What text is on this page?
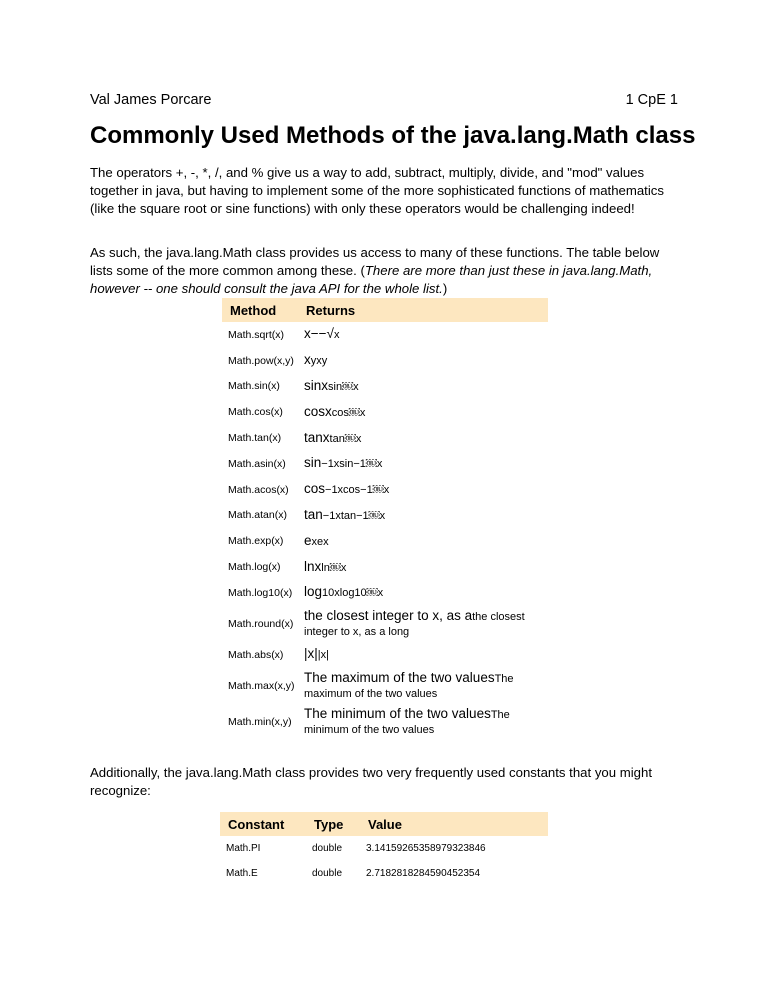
Val James Porcare	1 CpE 1
Commonly Used Methods of the java.lang.Math class

The operators +, -, *, /, and % give us a way to add, subtract, multiply, divide, and "mod" values together in java, but having to implement some of the more sophisticated functions of mathematics (like the square root or sine functions) with only these operators would be challenging indeed!

As such, the java.lang.Math class provides us access to many of these functions. The table below lists some of the more common among these. (There are more than just these in java.lang.Math, however -- one should consult the java API for the whole list.)

Method	Returns
Math.sqrt(x)	x−−√x
Math.pow(x,y)	xyxy
Math.sin(x)	sinxsin￼x
Math.cos(x)	cosxcos￼x
Math.tan(x)	tanxtan￼x
Math.asin(x)	sin−1xsin−1￼x
Math.acos(x)	cos−1xcos−1￼x
Math.atan(x)	tan−1xtan−1￼x
Math.exp(x)	exex
Math.log(x)	lnxln￼x
Math.log10(x)	log10xlog10￼x
Math.round(x)	the closest integer to x, as athe closest integer to x, as a long
Math.abs(x)	|x||x|
Math.max(x,y)	The maximum of the two valuesThe maximum of the two values
Math.min(x,y)	The minimum of the two valuesThe minimum of the two values

Additionally, the java.lang.Math class provides two very frequently used constants that you might recognize:

Constant	Type	Value
Math.PI	double	3.14159265358979323846
Math.E	double	2.7182818284590452354
